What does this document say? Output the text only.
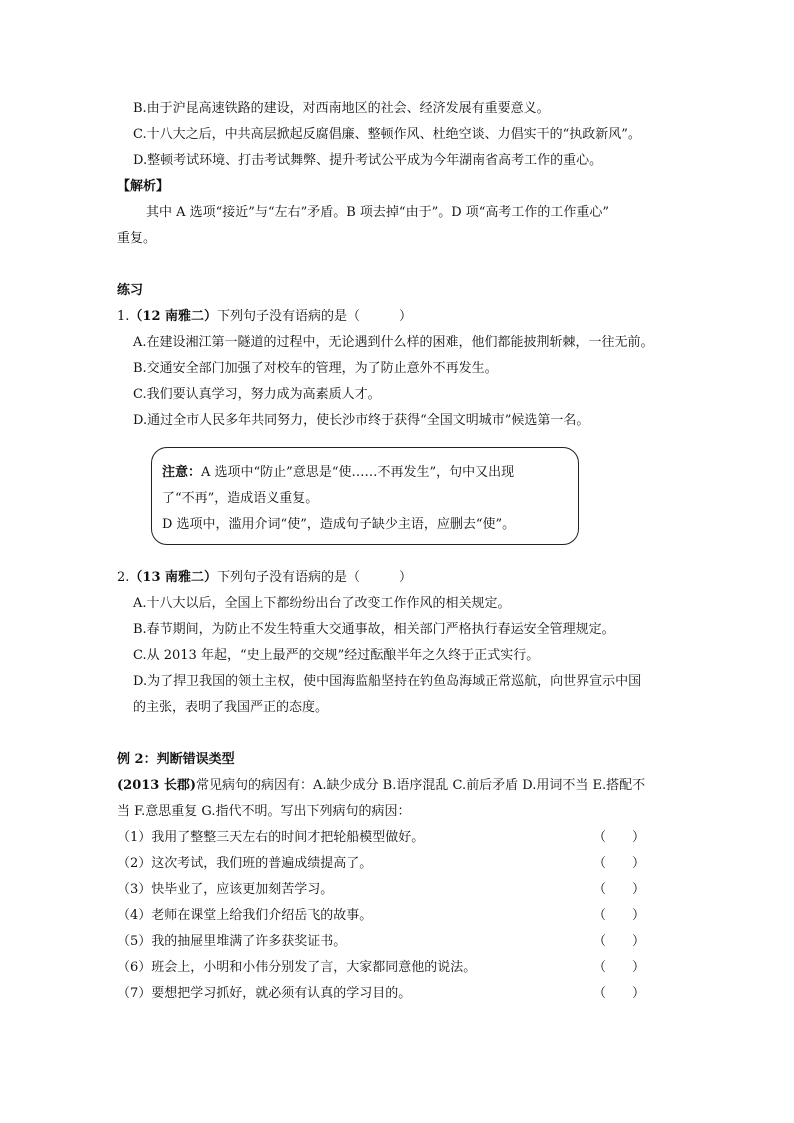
B.由于沪昆高速铁路的建设，对西南地区的社会、经济发展有重要意义。
C.十八大之后，中共高层掀起反腐倡廉、整顿作风、杜绝空谈、力倡实干的“执政新风”。
D.整顿考试环境、打击考试舞弊、提升考试公平成为今年湖南省高考工作的重心。
【解析】
其中 A 选项“接近”与“左右”矛盾。B 项去掉“由于”。D 项“高考工作的工作重心”
重复。
练习
1.（12 南雅二）下列句子没有语病的是（　　　）
A.在建设湘江第一隧道的过程中，无论遇到什么样的困难，他们都能披荆斩棘，一往无前。
B.交通安全部门加强了对校车的管理，为了防止意外不再发生。
C.我们要认真学习，努力成为高素质人才。
D.通过全市人民多年共同努力，使长沙市终于获得“全国文明城市”候选第一名。
注意：A 选项中“防止”意思是“使……不再发生”，句中又出现
了“不再”，造成语义重复。
D 选项中，滥用介词“使”，造成句子缺少主语，应删去“使”。
2.（13 南雅二）下列句子没有语病的是（　　　）
A.十八大以后，全国上下都纷纷出台了改变工作作风的相关规定。
B.春节期间，为防止不发生特重大交通事故，相关部门严格执行春运安全管理规定。
C.从 2013 年起，“史上最严的交规”经过酝酿半年之久终于正式实行。
D.为了捍卫我国的领土主权，使中国海监船坚持在钓鱼岛海域正常巡航，向世界宣示中国
的主张，表明了我国严正的态度。
例 2：判断错误类型
(2013 长郡)常见病句的病因有：A.缺少成分 B.语序混乱 C.前后矛盾 D.用词不当 E.搭配不
当 F.意思重复 G.指代不明。写出下列病句的病因：
（1）我用了整整三天左右的时间才把轮船模型做好。	（　　）
（2）这次考试，我们班的普遍成绩提高了。	（　　）
（3）快毕业了，应该更加刻苦学习。	（　　）
（4）老师在课堂上给我们介绍岳飞的故事。	（　　）
（5）我的抽屉里堆满了许多获奖证书。	（　　）
（6）班会上，小明和小伟分别发了言，大家都同意他的说法。	（　　）
（7）要想把学习抓好，就必须有认真的学习目的。	（　　）
